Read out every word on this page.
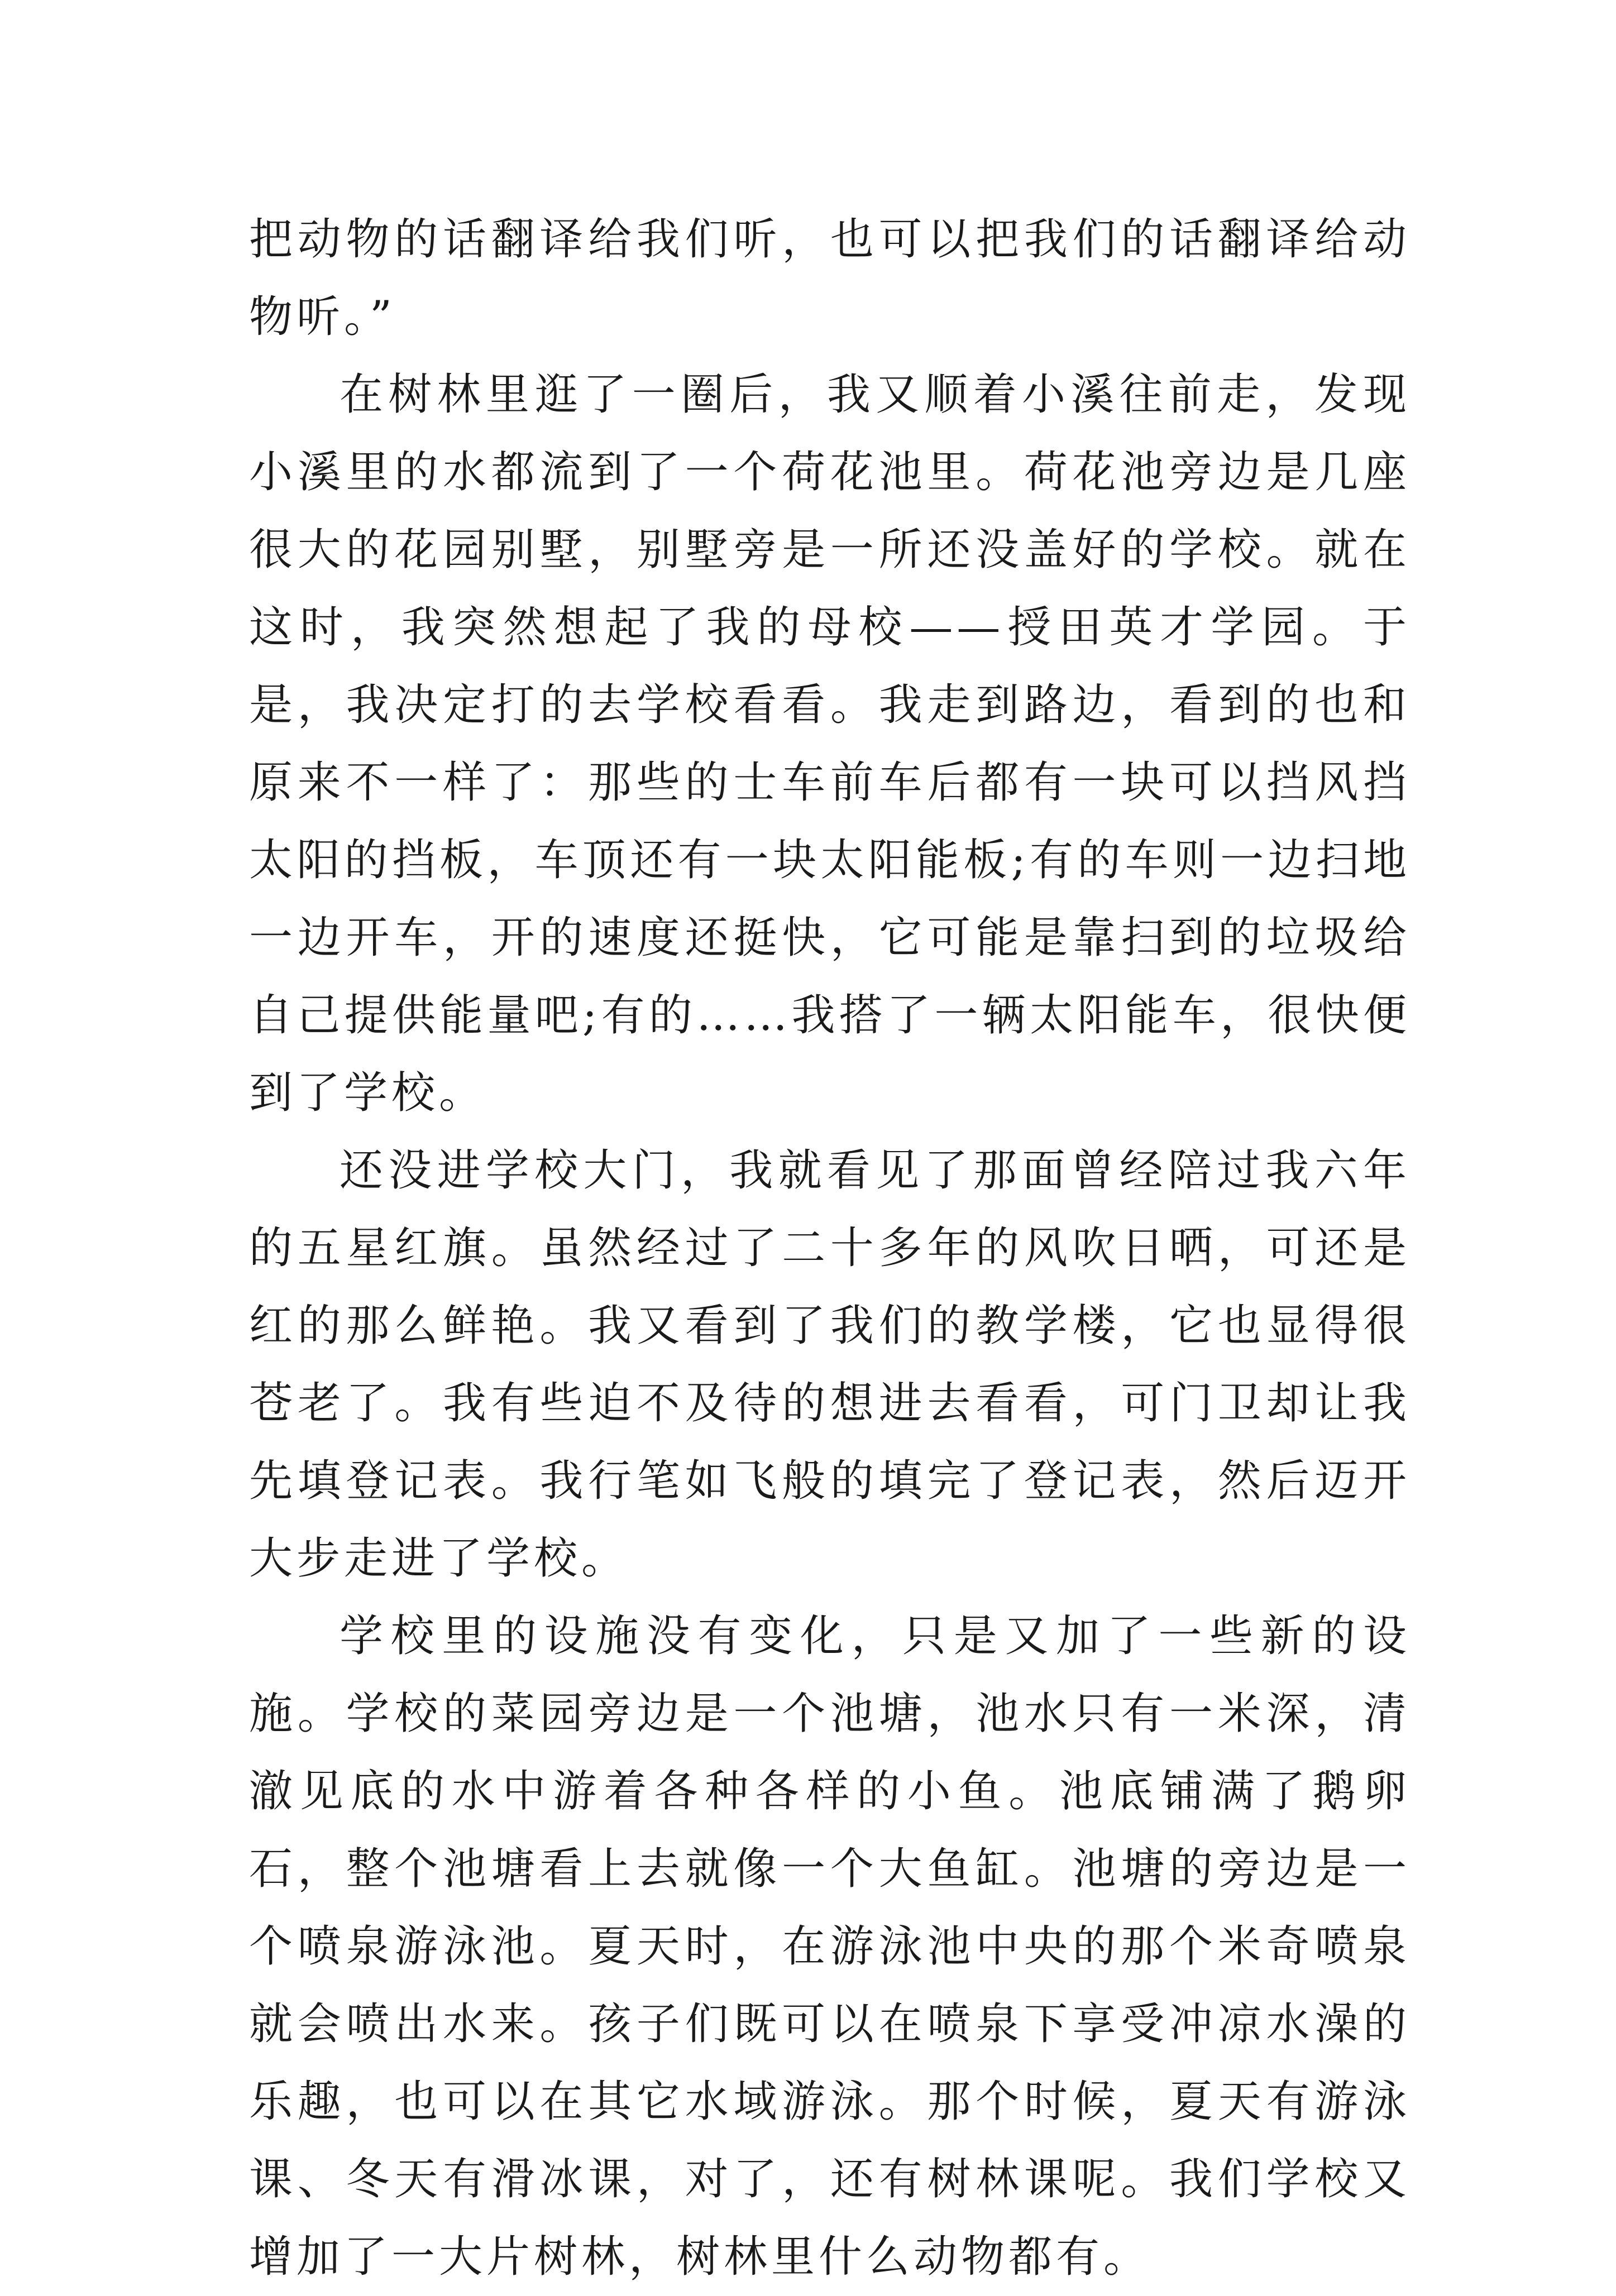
把动物的话翻译给我们听，也可以把我们的话翻译给动物听。”

在树林里逛了一圈后，我又顺着小溪往前走，发现小溪里的水都流到了一个荷花池里。荷花池旁边是几座很大的花园别墅，别墅旁是一所还没盖好的学校。就在这时，我突然想起了我的母校——授田英才学园。于是，我决定打的去学校看看。我走到路边，看到的也和原来不一样了：那些的士车前车后都有一块可以挡风挡太阳的挡板，车顶还有一块太阳能板;有的车则一边扫地一边开车，开的速度还挺快，它可能是靠扫到的垃圾给自己提供能量吧;有的……我搭了一辆太阳能车，很快便到了学校。

还没进学校大门，我就看见了那面曾经陪过我六年的五星红旗。虽然经过了二十多年的风吹日晒，可还是红的那么鲜艳。我又看到了我们的教学楼，它也显得很苍老了。我有些迫不及待的想进去看看，可门卫却让我先填登记表。我行笔如飞般的填完了登记表，然后迈开大步走进了学校。

学校里的设施没有变化，只是又加了一些新的设施。学校的菜园旁边是一个池塘，池水只有一米深，清澈见底的水中游着各种各样的小鱼。池底铺满了鹅卵石，整个池塘看上去就像一个大鱼缸。池塘的旁边是一个喷泉游泳池。夏天时，在游泳池中央的那个米奇喷泉就会喷出水来。孩子们既可以在喷泉下享受冲凉水澡的乐趣，也可以在其它水域游泳。那个时候，夏天有游泳课、冬天有滑冰课，对了，还有树林课呢。我们学校又增加了一大片树林，树林里什么动物都有。
